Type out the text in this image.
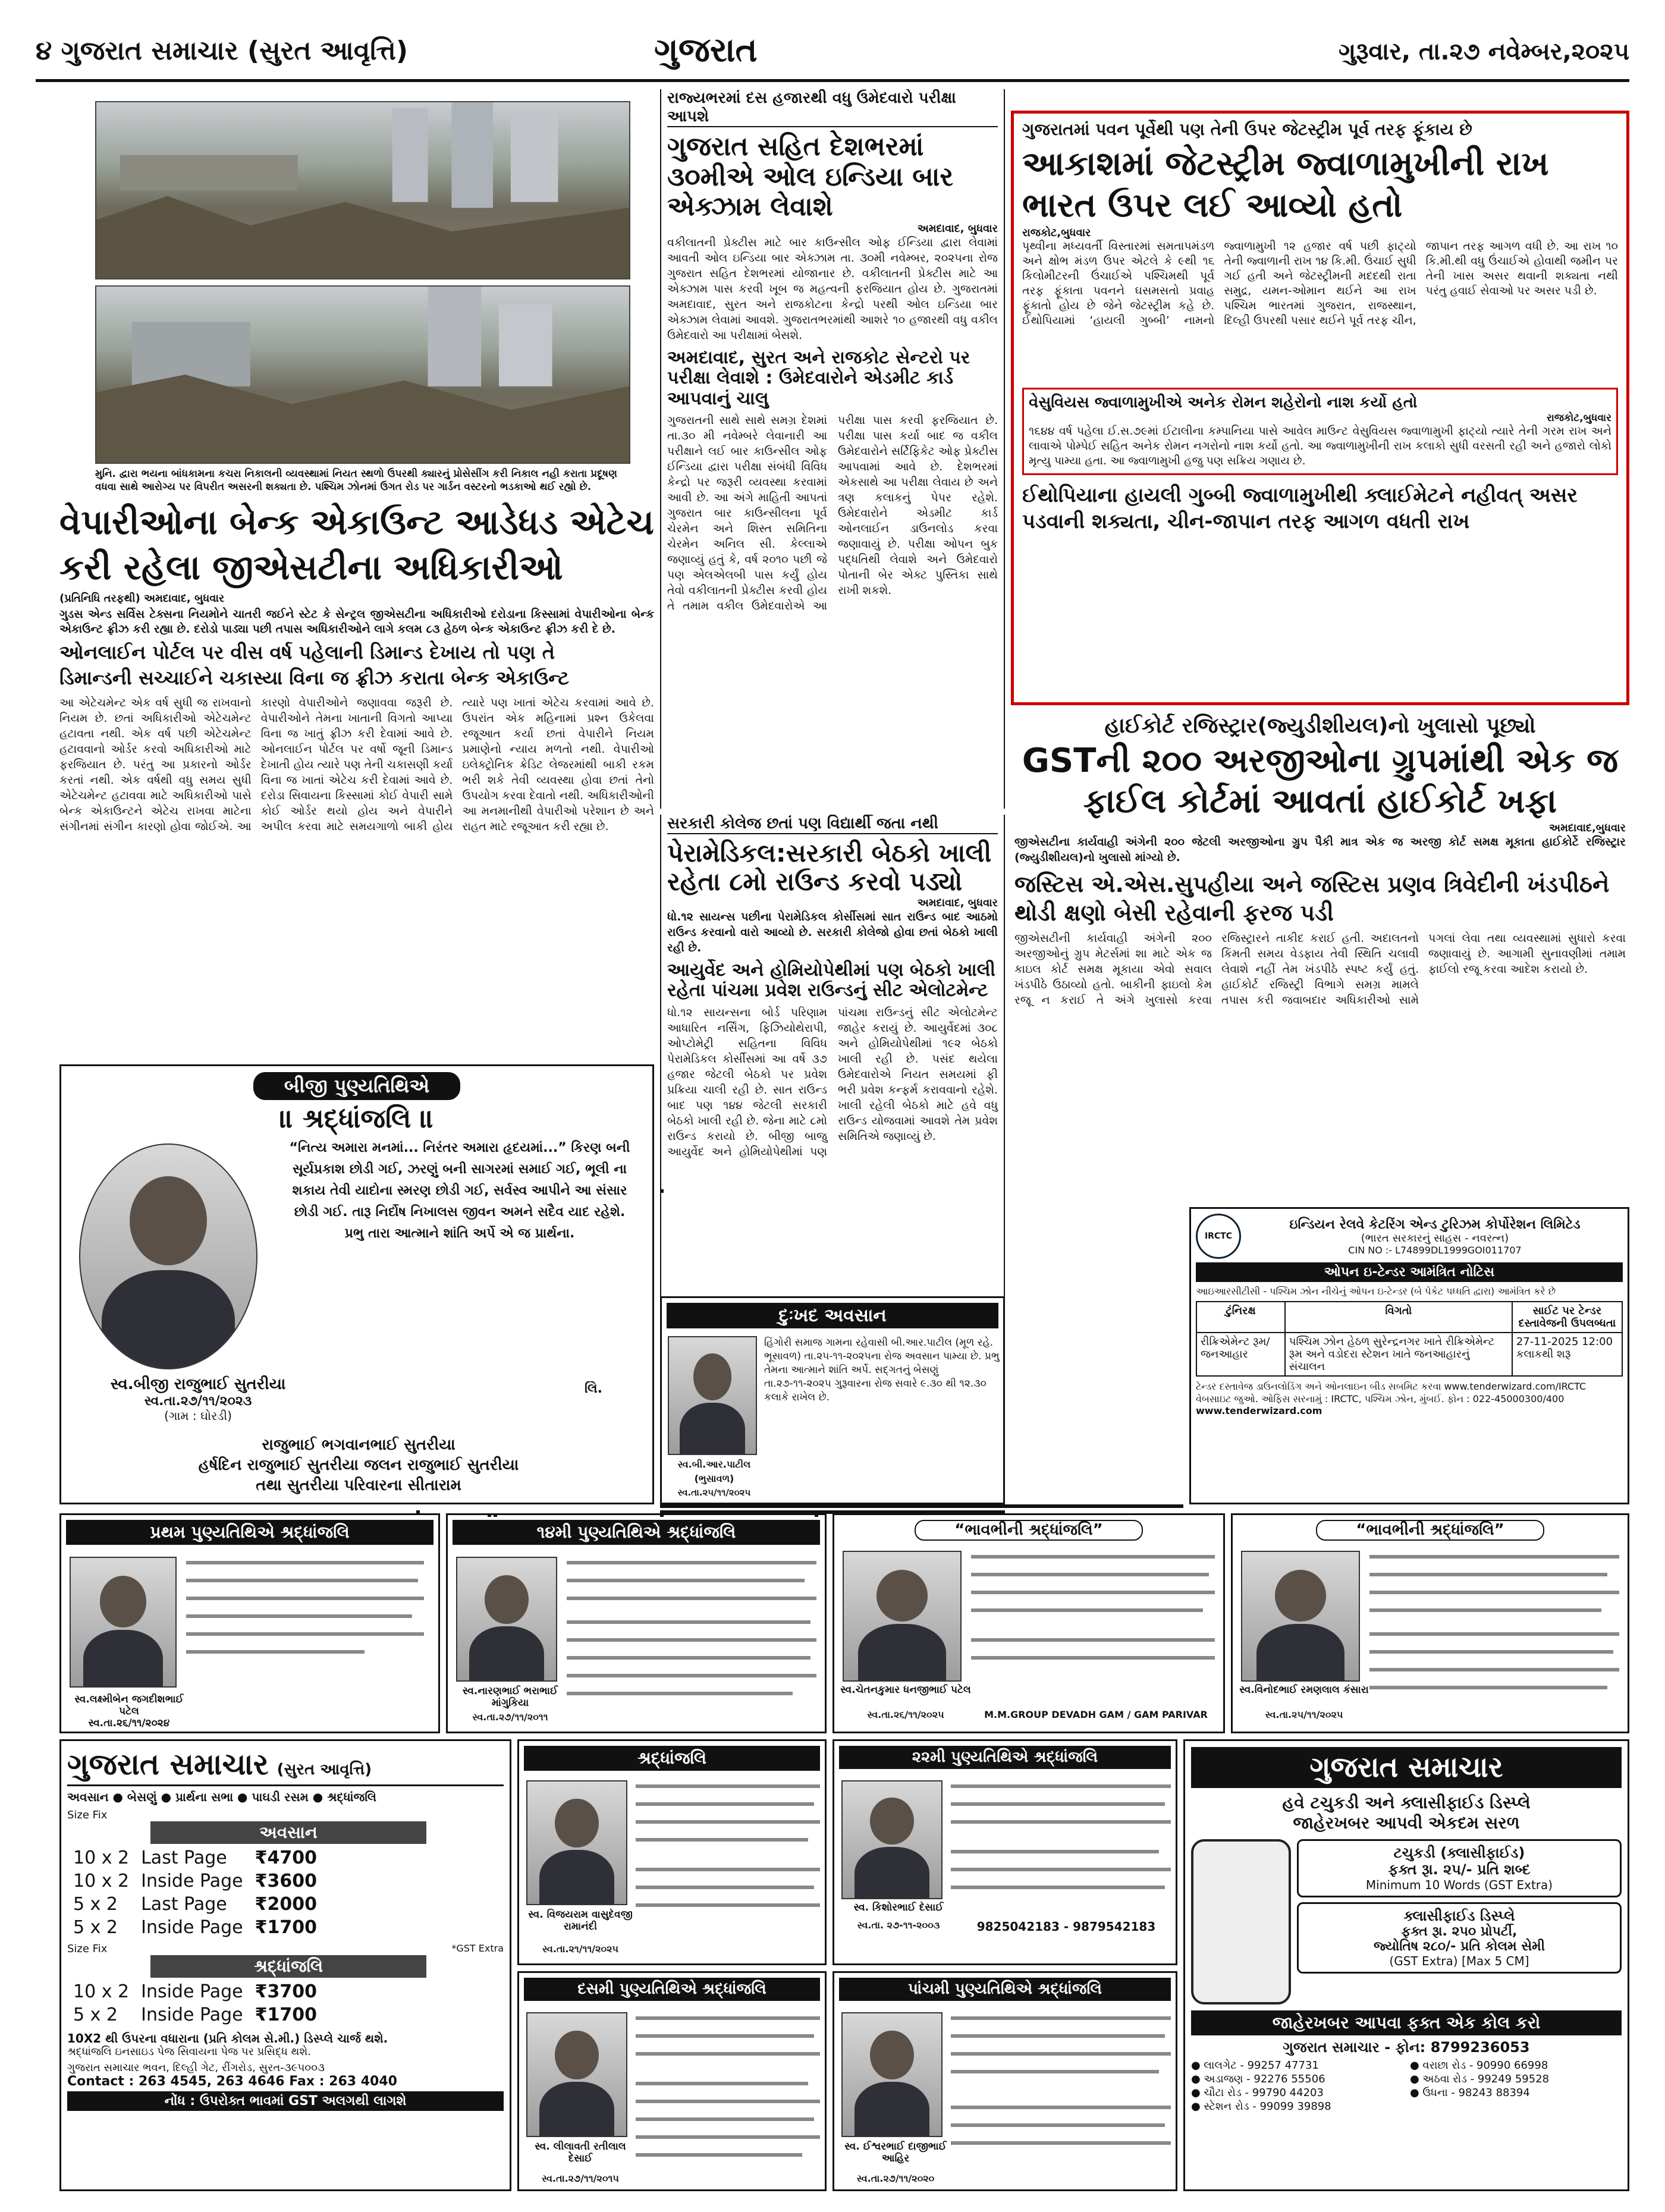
૪ ગુજરાત સમાચાર (સુરત આવૃત્તિ)	ગુજરાત	ગુરૂવાર, તા.૨૭ નવેમ્બર,૨૦૨૫
મુનિ. દ્વારા ભયના બાંધકામના કચરા નિકાલની વ્યવસ્થામાં નિયત સ્થળો ઉપરથી ક્યારનું પ્રોસેસીંગ કરી નિકાલ નહી કરાતા પ્રદૂષણ વધવા સાથે આરોગ્ય પર વિપરીત અસરની શક્યતા છે. પશ્ચિમ ઝોનમાં ઉગત રોડ પર ગાર્ડન વસ્ટરનો ભડકાઓ થઈ રહ્યો છે.
વેપારીઓના બેન્ક એકાઉન્ટ આડેધડ એટેચ કરી રહેલા જીએસટીના અધિકારીઓ
(પ્રતિનિધિ તરફથી) અમદાવાદ, બુધવાર
ગુડસ એન્ડ સર્વિસ ટેક્સના નિયમોને ચાતરી જઈને સ્ટેટ કે સેન્ટ્રલ જીએસટીના અધિકારીઓ દરોડાના કિસ્સામાં વેપારીઓના બેન્ક એકાઉન્ટ ફ્રીઝ કરી રહ્યા છે. દરોડો પાડ્યા પછી તપાસ અધિકારીઓને લાગે કલમ ૮૩ હેઠળ બેન્ક એકાઉન્ટ ફ્રીઝ કરી દે છે.
ઓનલાઈન પોર્ટલ પર વીસ વર્ષ પહેલાની ડિમાન્ડ દેખાય તો પણ તે
ડિમાન્ડની સચ્ચાઈને ચકાસ્યા વિના જ ફ્રીઝ કરાતા બેન્ક એકાઉન્ટ
આ એટેચમેન્ટ એક વર્ષ સુધી જ રાખવાનો નિયમ છે. છતાં અધિકારીઓ એટેચમેન્ટ હટાવતા નથી. એક વર્ષ પછી એટેચમેન્ટ હટાવવાનો ઓર્ડર કરવો અધિકારીઓ માટે ફરજિયાત છે. પરંતુ આ પ્રકારનો ઓર્ડર કરતાં નથી. એક વર્ષથી વધુ સમય સુધી એટેચમેન્ટ હટાવવા માટે અધિકારીઓ પાસે બેન્ક એકાઉન્ટને એટેચ રાખવા માટેના સંગીનમાં સંગીન કારણો હોવા જોઈએ. આ કારણો વેપારીઓને જણાવવા જરૂરી છે. વેપારીઓને તેમના ખાતાની વિગતો આપ્યા વિના જ ખાતું ફ્રીઝ કરી દેવામાં આવે છે. ઓનલાઈન પોર્ટલ પર વર્ષો જૂની ડિમાન્ડ દેખાતી હોય ત્યારે પણ તેની ચકાસણી કર્યા વિના જ ખાતાં એટેચ કરી દેવામાં આવે છે. દરોડા સિવાયના કિસ્સામાં કોઈ વેપારી સામે કોઈ ઓર્ડર થયો હોય અને વેપારીને અપીલ કરવા માટે સમયગાળો બાકી હોય ત્યારે પણ ખાતાં એટેચ કરવામાં આવે છે. ઉપરાંત એક મહિનામાં પ્રશ્ન ઉકેલવા રજૂઆત કર્યા છતાં વેપારીને નિયમ પ્રમાણેનો ન્યાય મળતો નથી. વેપારીઓ ઇલેક્ટ્રોનિક ક્રેડિટ લેજરમાંથી બાકી રકમ ભરી શકે તેવી વ્યવસ્થા હોવા છતાં તેનો ઉપયોગ કરવા દેવાતો નથી. અધિકારીઓની આ મનમાનીથી વેપારીઓ પરેશાન છે અને રાહત માટે રજૂઆત કરી રહ્યા છે.
રાજ્યભરમાં દસ હજારથી વધુ ઉમેદવારો પરીક્ષા આપશે
ગુજરાત સહિત દેશભરમાં ૩૦મીએ ઓલ ઇન્ડિયા બાર એક્ઝામ લેવાશે
અમદાવાદ, બુધવાર
વકીલાતની પ્રેક્ટીસ માટે બાર કાઉન્સીલ ઓફ ઈન્ડિયા દ્વારા લેવામાં આવતી ઓલ ઇન્ડિયા બાર એક્ઝામ તા. ૩૦મી નવેમ્બર, ૨૦૨૫ના રોજ ગુજરાત સહિત દેશભરમાં યોજાનાર છે. વકીલાતની પ્રેક્ટીસ માટે આ એક્ઝામ પાસ કરવી ખૂબ જ મહત્વની ફરજિયાત હોય છે. ગુજરાતમાં અમદાવાદ, સુરત અને રાજકોટના કેન્દ્રો પરથી ઓલ ઇન્ડિયા બાર એક્ઝામ લેવામાં આવશે. ગુજરાતભરમાંથી આશરે ૧૦ હજારથી વધુ વકીલ ઉમેદવારો આ પરીક્ષામાં બેસશે.
અમદાવાદ, સુરત અને રાજકોટ સેન્ટરો પર પરીક્ષા લેવાશે : ઉમેદવારોને એડમીટ કાર્ડ આપવાનું ચાલુ
ગુજરાતની સાથે સાથે સમગ્ર દેશમાં તા.૩૦ મી નવેમ્બરે લેવાનારી આ પરીક્ષાને લઈ બાર કાઉન્સીલ ઓફ ઈન્ડિયા દ્વારા પરીક્ષા સંબંધી વિવિધ કેન્દ્રો પર જરૂરી વ્યવસ્થા કરવામાં આવી છે. આ અંગે માહિતી આપતાં ગુજરાત બાર કાઉન્સીલના પૂર્વ ચેરમેન અને શિસ્ત સમિતિના ચેરમેન અનિલ સી. કેલ્લાએ જણાવ્યું હતું કે, વર્ષ ૨૦૧૦ પછી જે પણ એલએલબી પાસ કર્યું હોય તેવો વકીલાતની પ્રેક્ટીસ કરવી હોય તે તમામ વકીલ ઉમેદવારોએ આ પરીક્ષા પાસ કરવી ફરજિયાત છે. પરીક્ષા પાસ કર્યા બાદ જ વકીલ ઉમેદવારોને સર્ટિફિકેટ ઓફ પ્રેક્ટીસ આપવામાં આવે છે. દેશભરમાં એકસાથે આ પરીક્ષા લેવાય છે અને ત્રણ કલાકનું પેપર રહેશે. ઉમેદવારોને એડમીટ કાર્ડ ઓનલાઈન ડાઉનલોડ કરવા જણાવાયું છે. પરીક્ષા ઓપન બુક પદ્ધતિથી લેવાશે અને ઉમેદવારો પોતાની બેર એક્ટ પુસ્તિકા સાથે રાખી શકશે.
સરકારી કોલેજ છતાં પણ વિદ્યાર્થી જતા નથી
પેરામેડિકલ:સરકારી બેઠકો ખાલી રહેતા ૮મો રાઉન્ડ કરવો પડ્યો
અમદાવાદ, બુધવાર
ધો.૧૨ સાયન્સ પછીના પેરામેડિકલ કોર્સીસમાં સાત રાઉન્ડ બાદ આઠમો રાઉન્ડ કરવાનો વારો આવ્યો છે. સરકારી કોલેજો હોવા છતાં બેઠકો ખાલી રહી છે.
આયુર્વેદ અને હોમિયોપેથીમાં પણ બેઠકો ખાલી રહેતા પાંચમા પ્રવેશ રાઉન્ડનું સીટ એલોટમેન્ટ
ધો.૧૨ સાયન્સના બોર્ડ પરિણામ આધારિત નર્સિંગ, ફિઝિયોથેરાપી, ઓપ્ટોમેટ્રી સહિતના વિવિધ પેરામેડિકલ કોર્સીસમાં આ વર્ષે ૩૭ હજાર જેટલી બેઠકો પર પ્રવેશ પ્રક્રિયા ચાલી રહી છે. સાત રાઉન્ડ બાદ પણ ૧૪૪ જેટલી સરકારી બેઠકો ખાલી રહી છે. જેના માટે ૮મો રાઉન્ડ કરાયો છે. બીજી બાજુ આયુર્વેદ અને હોમિયોપેથીમાં પણ પાંચમા રાઉન્ડનું સીટ એલોટમેન્ટ જાહેર કરાયું છે. આયુર્વેદમાં ૩૦૮ અને હોમિયોપેથીમાં ૧૯૨ બેઠકો ખાલી રહી છે. પસંદ થયેલા ઉમેદવારોએ નિયત સમયમાં ફી ભરી પ્રવેશ કન્ફર્મ કરાવવાનો રહેશે. ખાલી રહેલી બેઠકો માટે હવે વધુ રાઉન્ડ યોજવામાં આવશે તેમ પ્રવેશ સમિતિએ જણાવ્યું છે.
ગુજરાતમાં પવન પૂર્વેથી પણ તેની ઉપર જેટસ્ટ્રીમ પૂર્વ તરફ ફૂંકાય છે
આકાશમાં જેટસ્ટ્રીમ જ્વાળામુખીની રાખ ભારત ઉપર લઈ આવ્યો હતો
રાજકોટ,બુધવાર
પૃથ્વીના મધ્યવર્તી વિસ્તારમાં સમતાપમંડળ અને ક્ષોભ મંડળ ઉપર એટલે કે ૯થી ૧૬ કિલોમીટરની ઉંચાઈએ પશ્ચિમથી પૂર્વ તરફ ફૂંકાતા પવનને ઘસમસતો પ્રવાહ ફૂંકાતો હોય છે જેને જેટસ્ટ્રીમ કહે છે. ઈથોપિયામાં ‘હાયલી ગુબ્બી’ નામનો જ્વાળામુખી ૧૨ હજાર વર્ષ પછી ફાટ્યો તેની જ્વાળાની રાખ ૧૪ કિ.મી. ઉંચાઈ સુધી ગઈ હતી અને જેટસ્ટ્રીમની મદદથી રાતા સમુદ્ર, યમન-ઓમાન થઈને આ રાખ પશ્ચિમ ભારતમાં ગુજરાત, રાજસ્થાન, દિલ્હી ઉપરથી પસાર થઈને પૂર્વ તરફ ચીન, જાપાન તરફ આગળ વધી છે. આ રાખ ૧૦ કિ.મી.થી વધુ ઉંચાઈએ હોવાથી જમીન પર તેની ખાસ અસર થવાની શક્યતા નથી પરંતુ હવાઈ સેવાઓ પર અસર પડી છે.
વેસુવિયસ જ્વાળામુખીએ અનેક રોમન શહેરોનો નાશ કર્યો હતો
રાજકોટ,બુધવાર
૧૬૪૪ વર્ષ પહેલા ઈ.સ.૭૯માં ઈટાલીના કમ્પાનિયા પાસે આવેલ માઉન્ટ વેસુવિયસ જ્વાળામુખી ફાટ્યો ત્યારે તેની ગરમ રાખ અને લાવાએ પોમ્પેઈ સહિત અનેક રોમન નગરોનો નાશ કર્યો હતો. આ જ્વાળામુખીની રાખ કલાકો સુધી વરસતી રહી અને હજારો લોકો મૃત્યુ પામ્યા હતા. આ જ્વાળામુખી હજુ પણ સક્રિય ગણાય છે.
ઈથોપિયાના હાયલી ગુબ્બી જ્વાળામુખીથી ક્લાઈમેટને નહીવત્ અસર પડવાની શક્યતા, ચીન-જાપાન તરફ આગળ વધતી રાખ
હાઈકોર્ટ રજિસ્ટ્રાર(જ્યુડીશીયલ)નો ખુલાસો પૂછ્યો
GSTની ૨૦૦ અરજીઓના ગ્રુપમાંથી એક જ ફાઈલ કોર્ટમાં આવતાં હાઈકોર્ટ ખફા
અમદાવાદ,બુધવાર
જીએસટીના કાર્યવાહી અંગેની ૨૦૦ જેટલી અરજીઓના ગ્રુપ પૈકી માત્ર એક જ અરજી કોર્ટ સમક્ષ મૂકાતા હાઈકોર્ટે રજિસ્ટ્રાર (જ્યુડીશીયલ)નો ખુલાસો માંગ્યો છે.
જસ્ટિસ એ.એસ.સુપહીયા અને જસ્ટિસ પ્રણવ ત્રિવેદીની ખંડપીઠને થોડી ક્ષણો બેસી રહેવાની ફરજ પડી
જીએસટીની કાર્યવાહી અંગેની ૨૦૦ અરજીઓનું ગ્રુપ મેટર્સમાં શા માટે એક જ કાઇલ કોર્ટ સમક્ષ મૂકાયા એવો સવાલ ખંડપીઠે ઉઠાવ્યો હતો. બાકીની ફાઇલો કેમ રજૂ ન કરાઈ તે અંગે ખુલાસો કરવા રજિસ્ટ્રારને તાકીદ કરાઈ હતી. અદાલતનો કિંમતી સમય વેડફાય તેવી સ્થિતિ ચલાવી લેવાશે નહીં તેમ ખંડપીઠે સ્પષ્ટ કર્યું હતું. હાઈકોર્ટ રજિસ્ટ્રી વિભાગે સમગ્ર મામલે તપાસ કરી જવાબદાર અધિકારીઓ સામે પગલાં લેવા તથા વ્યવસ્થામાં સુધારો કરવા જણાવાયું છે. આગામી સુનાવણીમાં તમામ ફાઈલો રજૂ કરવા આદેશ કરાયો છે.
IRCTC
ઇન્ડિયન રેલવે કેટરિંગ એન્ડ ટુરિઝમ કોર્પોરેશન લિમિટેડ
(ભારત સરકારનું સાહસ - નવરત્ન)
CIN NO :- L74899DL1999GOI011707
ઓપન ઇ-ટેન્ડર આમંત્રિત નોટિસ
આઇઆરસીટીસી - પશ્ચિમ ઝોન નીચેનું ઓપન ઇ-ટેન્ડર (બે પેકેટ પધ્ધતિ દ્વારા) આમંત્રિત કરે છે
ટુંનિરક્ષ	વિગતો	સાઈટ પર ટેન્ડર દસ્તાવેજની ઉપલબ્ધતા
રીક્રિએમેન્ટ રૂમ/ જનઆહાર	પશ્ચિમ ઝોન હેઠળ સુરેન્દ્રનગર ખાતે રીક્રિએમેન્ટ રૂમ અને વડોદરા સ્ટેશન ખાતે જનઆહારનું સંચાલન	27-11-2025 12:00 કલાકથી શરૂ
ટેન્ડર દસ્તાવેજ ડાઉનલોડિંગ અને ઓનલાઇન બીડ સબમિટ કરવા www.tenderwizard.com/IRCTC વેબસાઇટ જુઓ. ઓફિસ સરનામું : IRCTC, પશ્ચિમ ઝોન, મુંબઈ. ફોન : 022-45000300/400
www.tenderwizard.com
બીજી પુણ્યતિથિએ
॥ શ્રદ્ધાંજલિ ॥
“નિત્ય અમારા મનમાં... નિરંતર અમારા હૃદયમાં...” કિરણ બની સૂર્યપ્રકાશ છોડી ગઈ, ઝરણું બની સાગરમાં સમાઈ ગઈ, ભૂલી ના શકાય તેવી યાદોના સ્મરણ છોડી ગઈ, સર્વસ્વ આપીને આ સંસાર છોડી ગઈ. તારૂ નિર્દોષ નિખાલસ જીવન અમને સદૈવ યાદ રહેશે. પ્રભુ તારા આત્માને શાંતિ અર્પે એ જ પ્રાર્થના.
સ્વ.બીજી રાજુભાઈ સુતરીયા
સ્વ.તા.૨૭/૧૧/૨૦૨૩
(ગામ : ઘોરડી)
લિ.
રાજુભાઈ ભગવાનભાઈ સુતરીયા
હર્ષદિન રાજુભાઈ સુતરીયા જલન રાજુભાઈ સુતરીયા
તથા સુતરીયા પરિવારના સીતારામ
પ્રથમ પુણ્યતિથિએ શ્રદ્ધાંજલિ
સ્વ.લક્ષ્મીબેન જગદીશભાઈ પટેલ
સ્વ.તા.૨૬/૧૧/૨૦૨૪
૧૪મી પુણ્યતિથિએ શ્રદ્ધાંજલિ
સ્વ.નારણભાઈ ભરાભાઈ માંગુકિયા
સ્વ.તા.૨૭/૧૧/૨૦૧૧
“ભાવભીની શ્રદ્ધાંજલિ”
સ્વ.ચેતનકુમાર ધનજીભાઈ પટેલ
સ્વ.તા.૨૬/૧૧/૨૦૨૫	M.M.GROUP DEVADH GAM / GAM PARIVAR
“ભાવભીની શ્રદ્ધાંજલિ”
સ્વ.વિનોદભાઈ રમણલાલ કંસારા
સ્વ.તા.૨૫/૧૧/૨૦૨૫
ગુજરાત સમાચાર (સુરત આવૃત્તિ)
અવસાન ● બેસણું ● પ્રાર્થના સભા ● પાઘડી રસમ ● શ્રદ્ધાંજલિ
Size Fix
અવસાન
10 x 2	Last Page	₹4700
10 x 2	Inside Page	₹3600
5 x 2	Last Page	₹2000
5 x 2	Inside Page	₹1700
Size Fix	*GST Extra
શ્રદ્ધાંજલિ
10 x 2	Inside Page	₹3700
5 x 2	Inside Page	₹1700
10X2 થી ઉપરના વધારાના (પ્રતિ કોલમ સે.મી.) ડિસ્પ્લે ચાર્જ થશે.
શ્રદ્ધાંજલિ ઇનસાઇડ પેજ સિવાયના પેજ પર પ્રસિદ્ધ થશે.
ગુજરાત સમાચાર ભવન, દિલ્હી ગેટ, રીંગરોડ, સુરત-૩૯૫૦૦૩
Contact : 263 4545, 263 4646 Fax : 263 4040
નોંધ : ઉપરોક્ત ભાવમાં GST અલગથી લાગશે
શ્રદ્ધાંજલિ
સ્વ. વિજયરામ વાસુદેવજી રામાનંદી
સ્વ.તા.૨૧/૧૧/૨૦૨૫
૨૨મી પુણ્યતિથિએ શ્રદ્ધાંજલિ
સ્વ. કિશોરભાઈ દેસાઈ
સ્વ.તા. ૨૭-૧૧-૨૦૦૩	9825042183 - 9879542183
દસમી પુણ્યતિથિએ શ્રદ્ધાંજલિ
સ્વ. લીલાવતી રતીલાલ દેસાઈ
સ્વ.તા.૨૭/૧૧/૨૦૧૫
પાંચમી પુણ્યતિથિએ શ્રદ્ધાંજલિ
સ્વ. ઈશ્વરભાઈ દાજીભાઈ આહિર
સ્વ.તા.૨૭/૧૧/૨૦૨૦
ગુજરાત સમાચાર
હવે ટચુકડી અને ક્લાસીફાઈડ ડિસ્પ્લે
જાહેરખબર આપવી એકદમ સરળ
ટચુકડી (ક્લાસીફાઈડ)
ફક્ત રૂા. ૨૫/- પ્રતિ શબ્દ
Minimum 10 Words (GST Extra)
ક્લાસીફાઈડ ડિસ્પ્લે
ફક્ત રૂા. ૨૫૦ પ્રોપર્ટી,
જ્યોતિષ ૨૮૦/- પ્રતિ કોલમ સેમી
(GST Extra) [Max 5 CM]
જાહેરખબર આપવા ફક્ત એક કોલ કરો
ગુજરાત સમાચાર - ફોન: 8799236053
● લાલગેટ - 99257 47731	● વરાછા રોડ - 90990 66998
● અડાજણ - 92276 55506	● અઠવા રોડ - 99249 59528
● ચૌટા રોડ - 99790 44203	● ઉધના - 98243 88394
● સ્ટેશન રોડ - 99099 39898
દુઃખદ અવસાન
હિંગોરી સમાજ ગામના રહેવાસી બી.આર.પાટીલ (મૂળ રહે. ભૂસાવળ) તા.૨૫-૧૧-૨૦૨૫ના રોજ અવસાન પામ્યા છે. પ્રભુ તેમના આત્માને શાંતિ અર્પે. સદ્ગતનું બેસણું તા.૨૭-૧૧-૨૦૨૫ ગુરૂવારના રોજ સવારે ૯.૩૦ થી ૧૨.૩૦ કલાકે રાખેલ છે.
સ્વ.બી.આર.પાટીલ
(ભુસાવળ)
સ્વ.તા.૨૫/૧૧/૨૦૨૫
